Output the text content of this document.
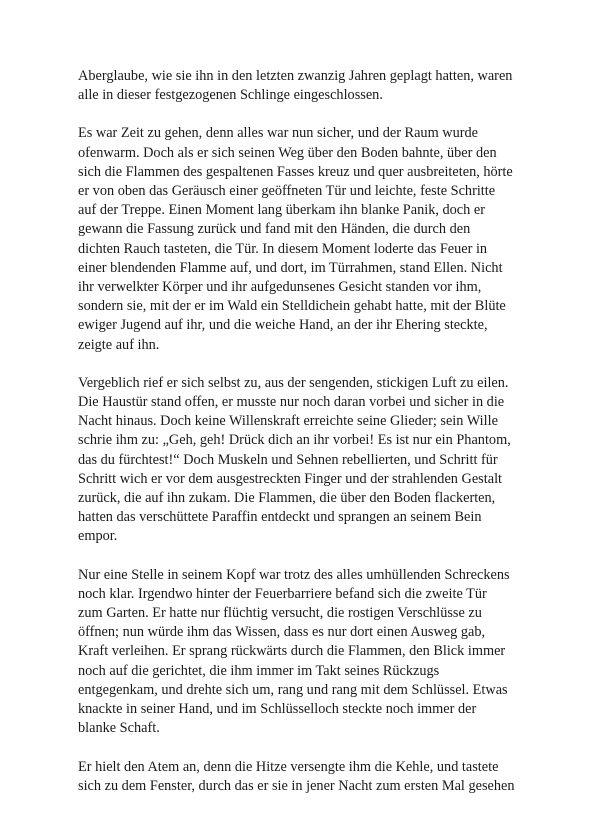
Aberglaube, wie sie ihn in den letzten zwanzig Jahren geplagt hatten, waren
alle in dieser festgezogenen Schlinge eingeschlossen.
Es war Zeit zu gehen, denn alles war nun sicher, und der Raum wurde
ofenwarm. Doch als er sich seinen Weg über den Boden bahnte, über den
sich die Flammen des gespaltenen Fasses kreuz und quer ausbreiteten, hörte
er von oben das Geräusch einer geöffneten Tür und leichte, feste Schritte
auf der Treppe. Einen Moment lang überkam ihn blanke Panik, doch er
gewann die Fassung zurück und fand mit den Händen, die durch den
dichten Rauch tasteten, die Tür. In diesem Moment loderte das Feuer in
einer blendenden Flamme auf, und dort, im Türrahmen, stand Ellen. Nicht
ihr verwelkter Körper und ihr aufgedunsenes Gesicht standen vor ihm,
sondern sie, mit der er im Wald ein Stelldichein gehabt hatte, mit der Blüte
ewiger Jugend auf ihr, und die weiche Hand, an der ihr Ehering steckte,
zeigte auf ihn.
Vergeblich rief er sich selbst zu, aus der sengenden, stickigen Luft zu eilen.
Die Haustür stand offen, er musste nur noch daran vorbei und sicher in die
Nacht hinaus. Doch keine Willenskraft erreichte seine Glieder; sein Wille
schrie ihm zu: „Geh, geh! Drück dich an ihr vorbei! Es ist nur ein Phantom,
das du fürchtest!“ Doch Muskeln und Sehnen rebellierten, und Schritt für
Schritt wich er vor dem ausgestreckten Finger und der strahlenden Gestalt
zurück, die auf ihn zukam. Die Flammen, die über den Boden flackerten,
hatten das verschüttete Paraffin entdeckt und sprangen an seinem Bein
empor.
Nur eine Stelle in seinem Kopf war trotz des alles umhüllenden Schreckens
noch klar. Irgendwo hinter der Feuerbarriere befand sich die zweite Tür
zum Garten. Er hatte nur flüchtig versucht, die rostigen Verschlüsse zu
öffnen; nun würde ihm das Wissen, dass es nur dort einen Ausweg gab,
Kraft verleihen. Er sprang rückwärts durch die Flammen, den Blick immer
noch auf die gerichtet, die ihm immer im Takt seines Rückzugs
entgegenkam, und drehte sich um, rang und rang mit dem Schlüssel. Etwas
knackte in seiner Hand, und im Schlüsselloch steckte noch immer der
blanke Schaft.
Er hielt den Atem an, denn die Hitze versengte ihm die Kehle, und tastete
sich zu dem Fenster, durch das er sie in jener Nacht zum ersten Mal gesehen
